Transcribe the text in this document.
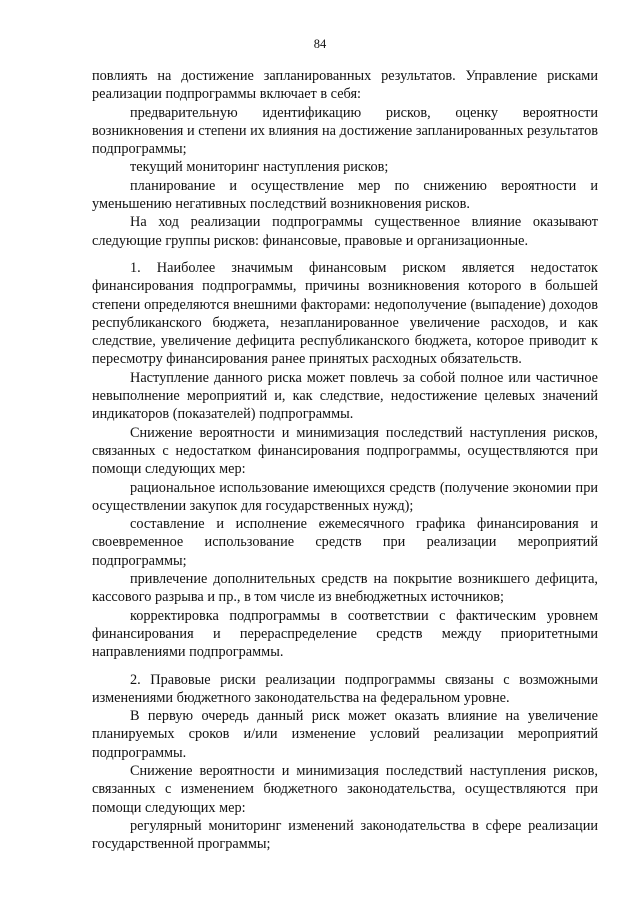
84

повлиять на достижение запланированных результатов. Управление рисками реализации подпрограммы включает в себя:

предварительную идентификацию рисков, оценку вероятности возникновения и степени их влияния на достижение запланированных результатов подпрограммы;

текущий мониторинг наступления рисков;

планирование и осуществление мер по снижению вероятности и уменьшению негативных последствий возникновения рисков.

На ход реализации подпрограммы существенное влияние оказывают следующие группы рисков: финансовые, правовые и организационные.

1. Наиболее значимым финансовым риском является недостаток финансирования подпрограммы, причины возникновения которого в большей степени определяются внешними факторами: недополучение (выпадение) доходов республиканского бюджета, незапланированное увеличение расходов, и как следствие, увеличение дефицита республиканского бюджета, которое приводит к пересмотру финансирования ранее принятых расходных обязательств.

Наступление данного риска может повлечь за собой полное или частичное невыполнение мероприятий и, как следствие, недостижение целевых значений индикаторов (показателей) подпрограммы.

Снижение вероятности и минимизация последствий наступления рисков, связанных с недостатком финансирования подпрограммы, осуществляются при помощи следующих мер:

рациональное использование имеющихся средств (получение экономии при осуществлении закупок для государственных нужд);

составление и исполнение ежемесячного графика финансирования и своевременное использование средств при реализации мероприятий подпрограммы;

привлечение дополнительных средств на покрытие возникшего дефицита, кассового разрыва и пр., в том числе из внебюджетных источников;

корректировка подпрограммы в соответствии с фактическим уровнем финансирования и перераспределение средств между приоритетными направлениями подпрограммы.

2. Правовые риски реализации подпрограммы связаны с возможными изменениями бюджетного законодательства на федеральном уровне.

В первую очередь данный риск может оказать влияние на увеличение планируемых сроков и/или изменение условий реализации мероприятий подпрограммы.

Снижение вероятности и минимизация последствий наступления рисков, связанных с изменением бюджетного законодательства, осуществляются при помощи следующих мер:

регулярный мониторинг изменений законодательства в сфере реализации государственной программы;
